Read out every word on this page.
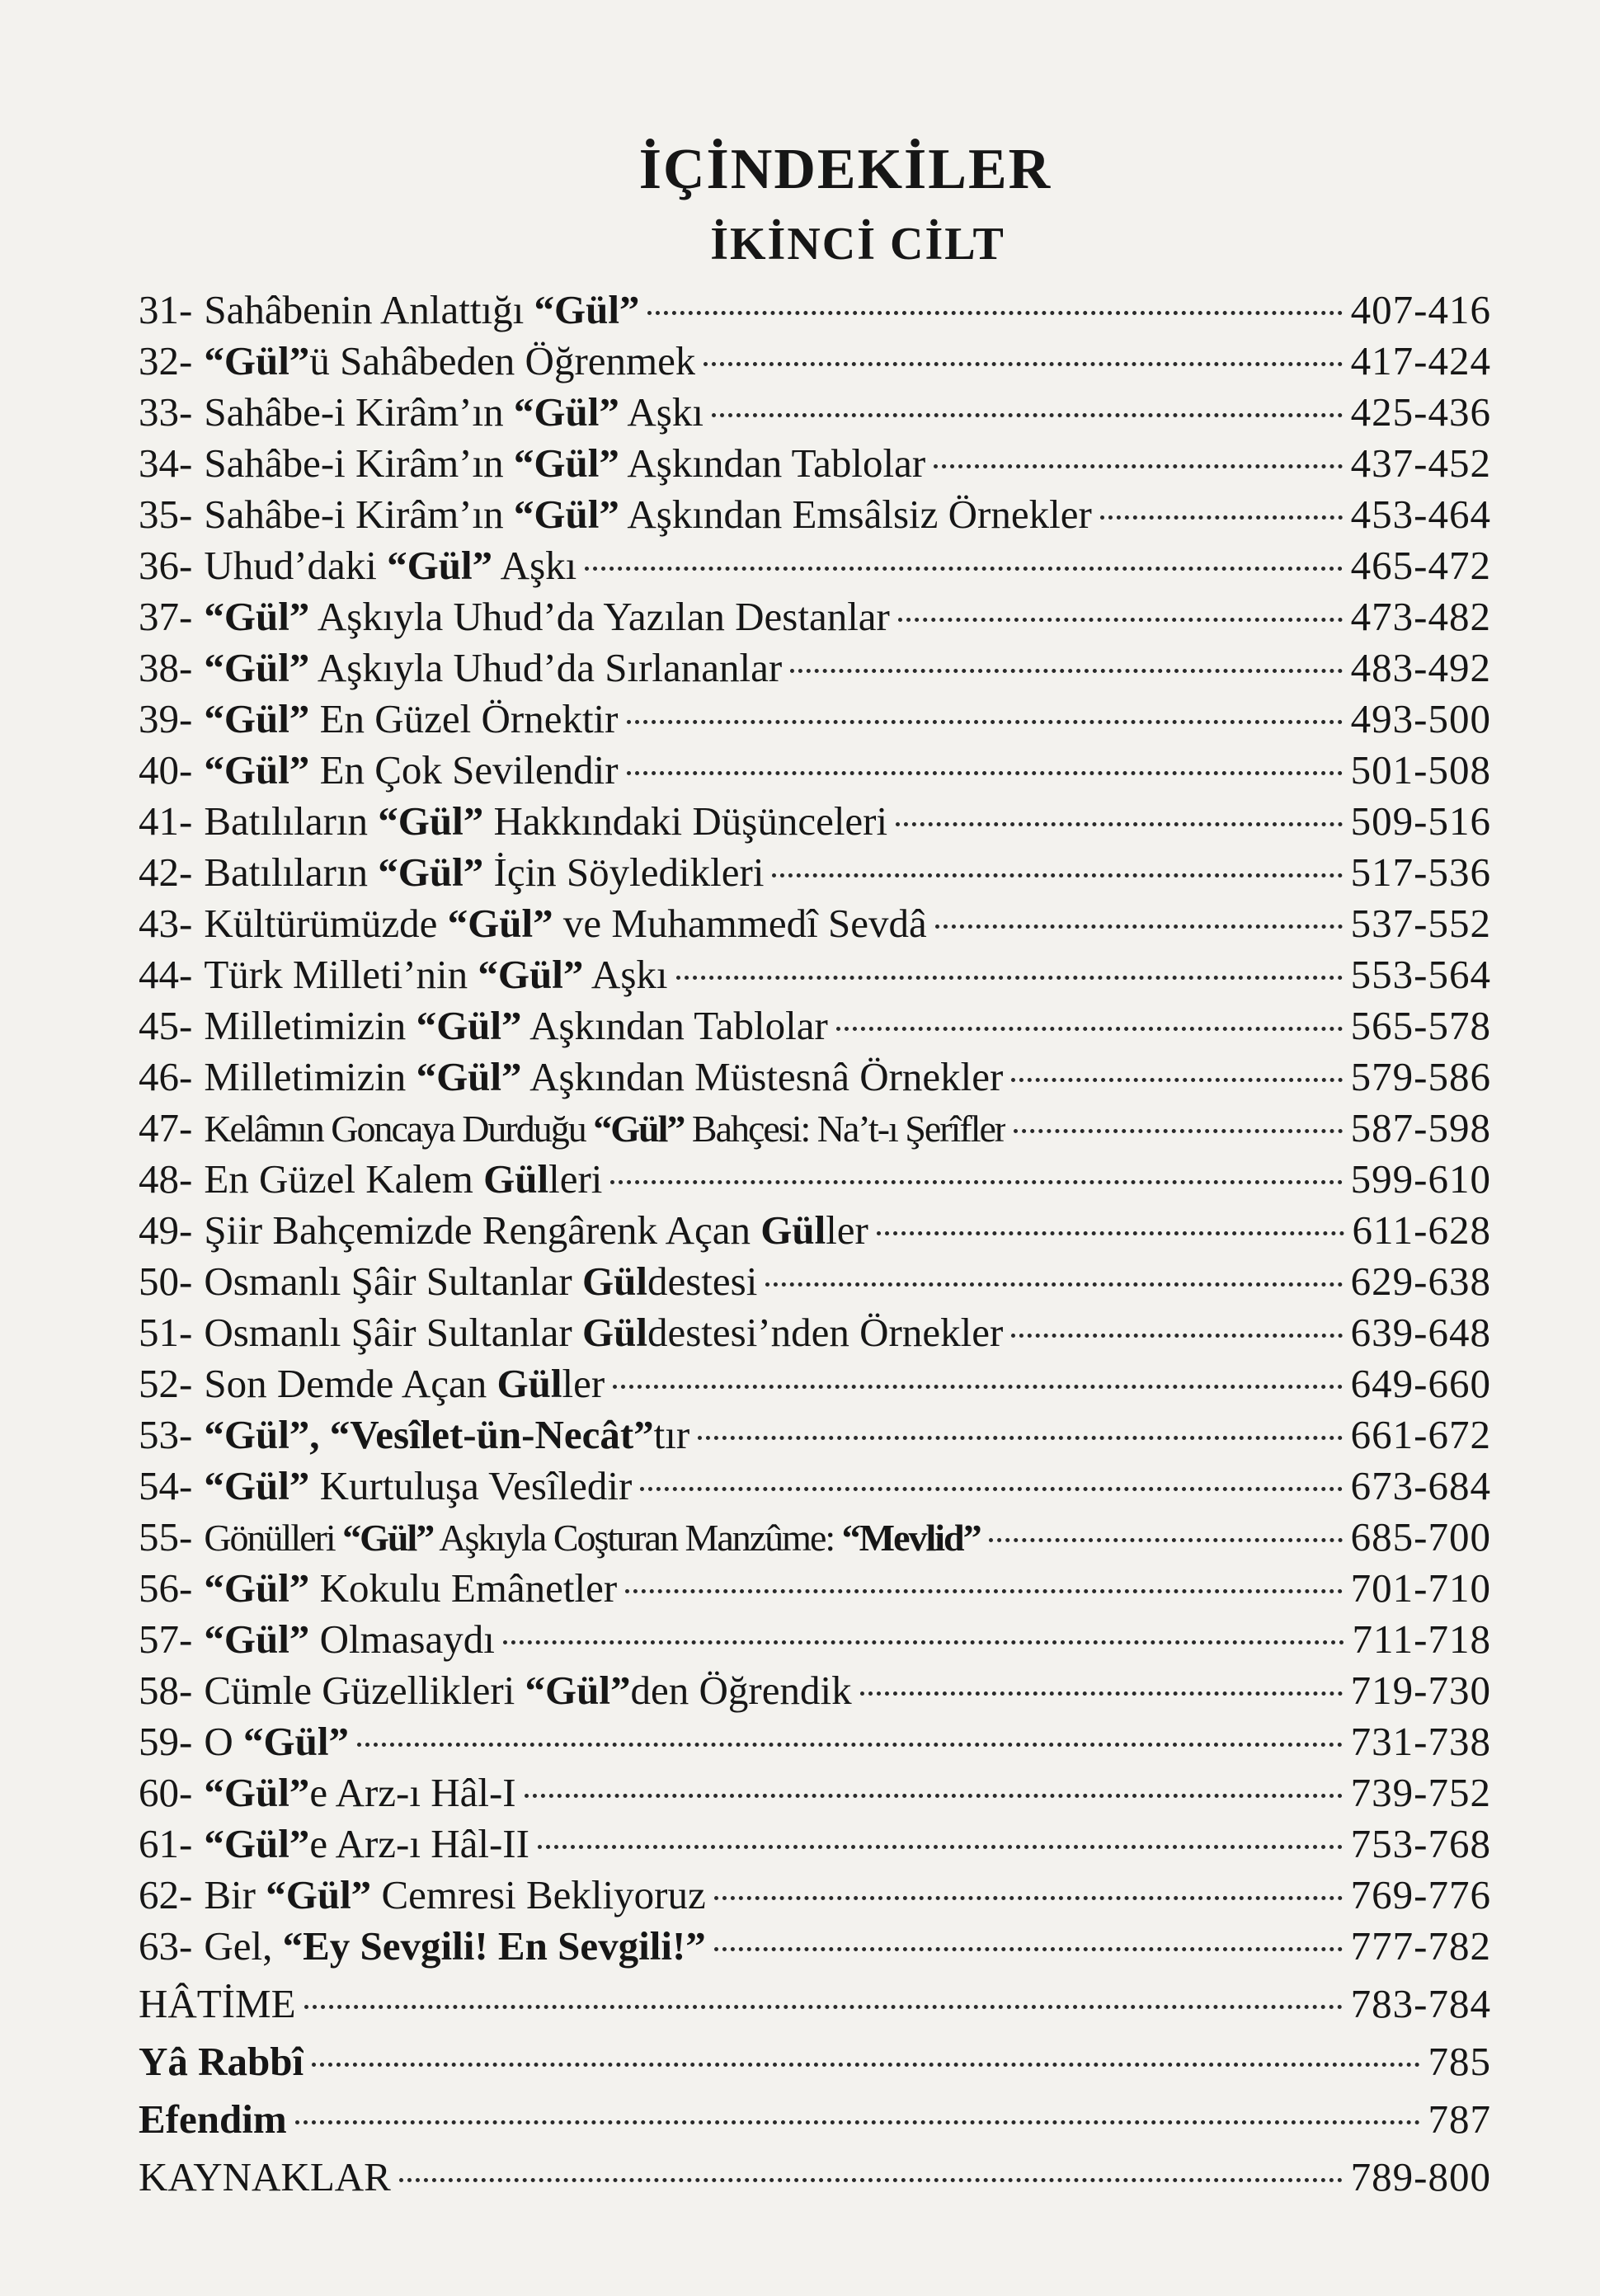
İÇİNDEKİLER
İKİNCİ CİLT
31- Sahâbenin Anlattığı “Gül”	407-416
32- “Gül”ü Sahâbeden Öğrenmek	417-424
33- Sahâbe-i Kirâm’ın “Gül” Aşkı	425-436
34- Sahâbe-i Kirâm’ın “Gül” Aşkından Tablolar	437-452
35- Sahâbe-i Kirâm’ın “Gül” Aşkından Emsâlsiz Örnekler	453-464
36- Uhud’daki “Gül” Aşkı	465-472
37- “Gül” Aşkıyla Uhud’da Yazılan Destanlar	473-482
38- “Gül” Aşkıyla Uhud’da Sırlananlar	483-492
39- “Gül” En Güzel Örnektir	493-500
40- “Gül” En Çok Sevilendir	501-508
41- Batılıların “Gül” Hakkındaki Düşünceleri	509-516
42- Batılıların “Gül” İçin Söyledikleri	517-536
43- Kültürümüzde “Gül” ve Muhammedî Sevdâ	537-552
44- Türk Milleti’nin “Gül” Aşkı	553-564
45- Milletimizin “Gül” Aşkından Tablolar	565-578
46- Milletimizin “Gül” Aşkından Müstesnâ Örnekler	579-586
47- Kelâmın Goncaya Durduğu “Gül” Bahçesi: Na’t-ı Şerîfler	587-598
48- En Güzel Kalem Gülleri	599-610
49- Şiir Bahçemizde Rengârenk Açan Güller	611-628
50- Osmanlı Şâir Sultanlar Güldestesi	629-638
51- Osmanlı Şâir Sultanlar Güldestesi’nden Örnekler	639-648
52- Son Demde Açan Güller	649-660
53- “Gül”, “Vesîlet-ün-Necât”tır	661-672
54- “Gül” Kurtuluşa Vesîledir	673-684
55- Gönülleri “Gül” Aşkıyla Coşturan Manzûme: “Mevlid”	685-700
56- “Gül” Kokulu Emânetler	701-710
57- “Gül” Olmasaydı	711-718
58- Cümle Güzellikleri “Gül”den Öğrendik	719-730
59- O “Gül”	731-738
60- “Gül”e Arz-ı Hâl-I	739-752
61- “Gül”e Arz-ı Hâl-II	753-768
62- Bir “Gül” Cemresi Bekliyoruz	769-776
63- Gel, “Ey Sevgili! En Sevgili!”	777-782
HÂTİME	783-784
Yâ Rabbî	785
Efendim	787
KAYNAKLAR	789-800
